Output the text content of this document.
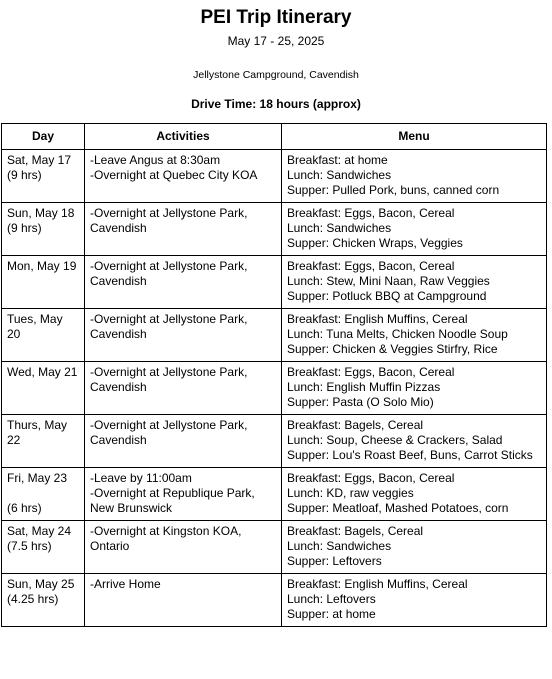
PEI Trip Itinerary
May 17 - 25, 2025
Jellystone Campground, Cavendish
Drive Time: 18 hours (approx)
Day	Activities	Menu

Sat, May 17
(9 hrs)	-Leave Angus at 8:30am
-Overnight at Quebec City KOA	Breakfast: at home
Lunch: Sandwiches
Supper: Pulled Pork, buns, canned corn

Sun, May 18
(9 hrs)	-Overnight at Jellystone Park, Cavendish	Breakfast: Eggs, Bacon, Cereal
Lunch: Sandwiches
Supper: Chicken Wraps, Veggies

Mon, May 19	-Overnight at Jellystone Park, Cavendish	Breakfast: Eggs, Bacon, Cereal
Lunch: Stew, Mini Naan, Raw Veggies
Supper: Potluck BBQ at Campground

Tues, May 20	-Overnight at Jellystone Park, Cavendish	Breakfast: English Muffins, Cereal
Lunch: Tuna Melts, Chicken Noodle Soup
Supper: Chicken & Veggies Stirfry, Rice

Wed, May 21	-Overnight at Jellystone Park, Cavendish	Breakfast: Eggs, Bacon, Cereal
Lunch: English Muffin Pizzas
Supper: Pasta (O Solo Mio)

Thurs, May 22	-Overnight at Jellystone Park, Cavendish	Breakfast: Bagels, Cereal
Lunch: Soup, Cheese & Crackers, Salad
Supper: Lou's Roast Beef, Buns, Carrot Sticks

Fri, May 23
(6 hrs)	-Leave by 11:00am
-Overnight at Republique Park, New Brunswick	Breakfast: Eggs, Bacon, Cereal
Lunch: KD, raw veggies
Supper: Meatloaf, Mashed Potatoes, corn

Sat, May 24
(7.5 hrs)	-Overnight at Kingston KOA, Ontario	Breakfast: Bagels, Cereal
Lunch: Sandwiches
Supper: Leftovers

Sun, May 25
(4.25 hrs)	-Arrive Home	Breakfast: English Muffins, Cereal
Lunch: Leftovers
Supper: at home
